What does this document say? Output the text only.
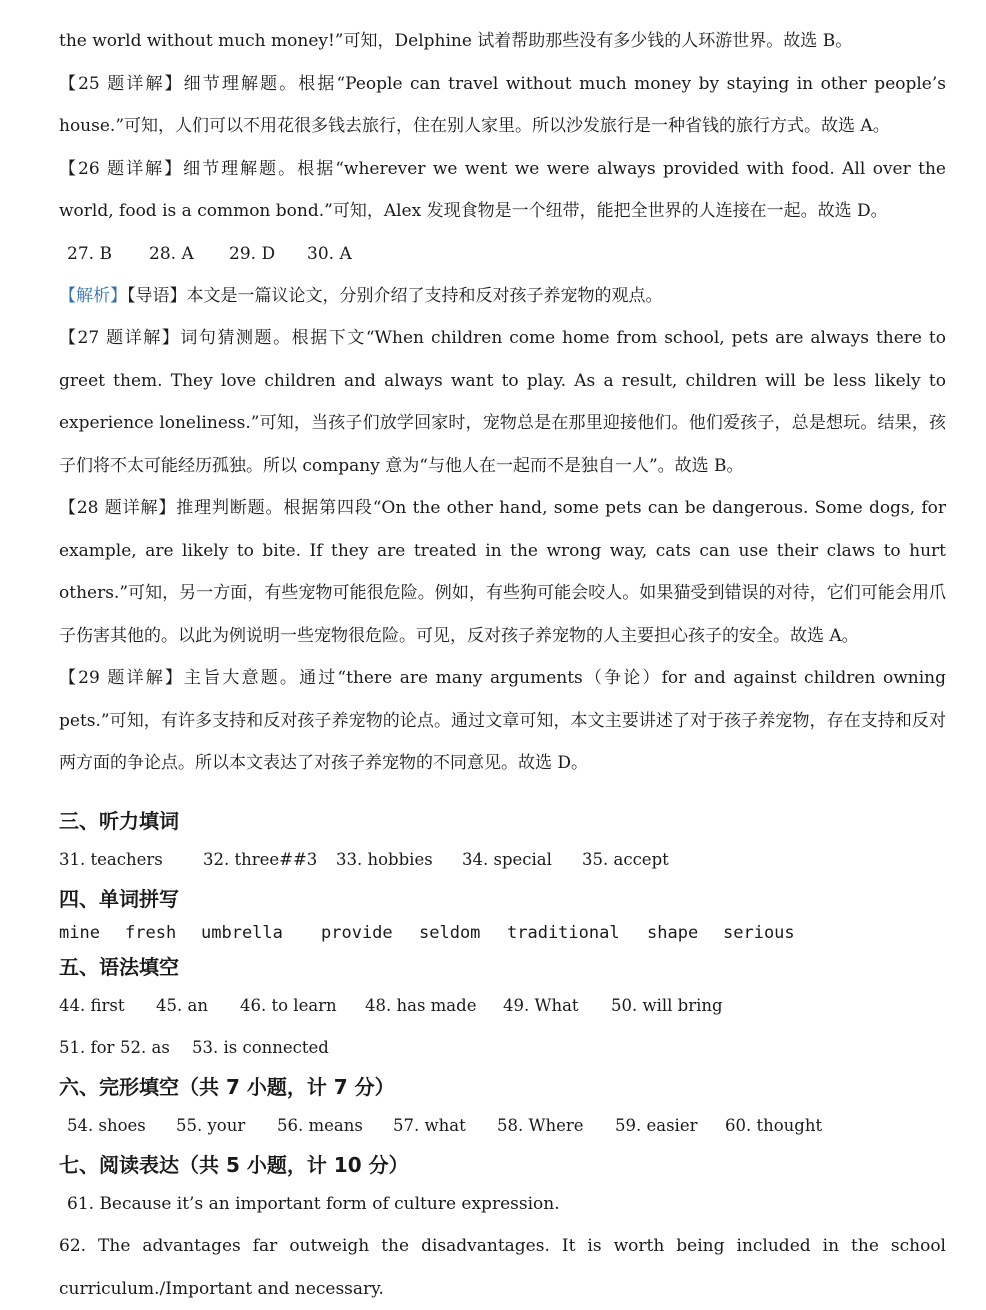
the world without much money!”可知，Delphine 试着帮助那些没有多少钱的人环游世界。故选 B。

【25 题详解】细节理解题。根据“People can travel without much money by staying in other people’s house.”可知，人们可以不用花很多钱去旅行，住在别人家里。所以沙发旅行是一种省钱的旅行方式。故选 A。

【26 题详解】细节理解题。根据“wherever we went we were always provided with food. All over the world, food is a common bond.”可知，Alex 发现食物是一个纽带，能把全世界的人连接在一起。故选 D。

27. B	28. A	29. D	30. A

【解析】【导语】本文是一篇议论文，分别介绍了支持和反对孩子养宠物的观点。

【27 题详解】词句猜测题。根据下文“When children come home from school, pets are always there to greet them. They love children and always want to play. As a result, children will be less likely to experience loneliness.”可知，当孩子们放学回家时，宠物总是在那里迎接他们。他们爱孩子，总是想玩。结果，孩子们将不太可能经历孤独。所以 company 意为“与他人在一起而不是独自一人”。故选 B。

【28 题详解】推理判断题。根据第四段“On the other hand, some pets can be dangerous. Some dogs, for example, are likely to bite. If they are treated in the wrong way, cats can use their claws to hurt others.”可知，另一方面，有些宠物可能很危险。例如，有些狗可能会咬人。如果猫受到错误的对待，它们可能会用爪子伤害其他的。以此为例说明一些宠物很危险。可见，反对孩子养宠物的人主要担心孩子的安全。故选 A。

【29 题详解】主旨大意题。通过“there are many arguments（争论）for and against children owning pets.”可知，有许多支持和反对孩子养宠物的论点。通过文章可知，本文主要讲述了对于孩子养宠物，存在支持和反对两方面的争论点。所以本文表达了对孩子养宠物的不同意见。故选 D。

三、听力填词

31. teachers	32. three##3	33. hobbies	34. special	35. accept

四、单词拼写

mine	fresh	umbrella	provide	seldom	traditional	shape	serious

五、语法填空

44. first	45. an	46. to learn	48. has made	49. What	50. will bring
51. for 52. as	53. is connected

六、完形填空（共 7 小题，计 7 分）

54. shoes	55. your	56. means	57. what	58. Where	59. easier	60. thought

七、阅读表达（共 5 小题，计 10 分）

61. Because it’s an important form of culture expression.

62. The advantages far outweigh the disadvantages. It is worth being included in the school curriculum./Important and necessary.
